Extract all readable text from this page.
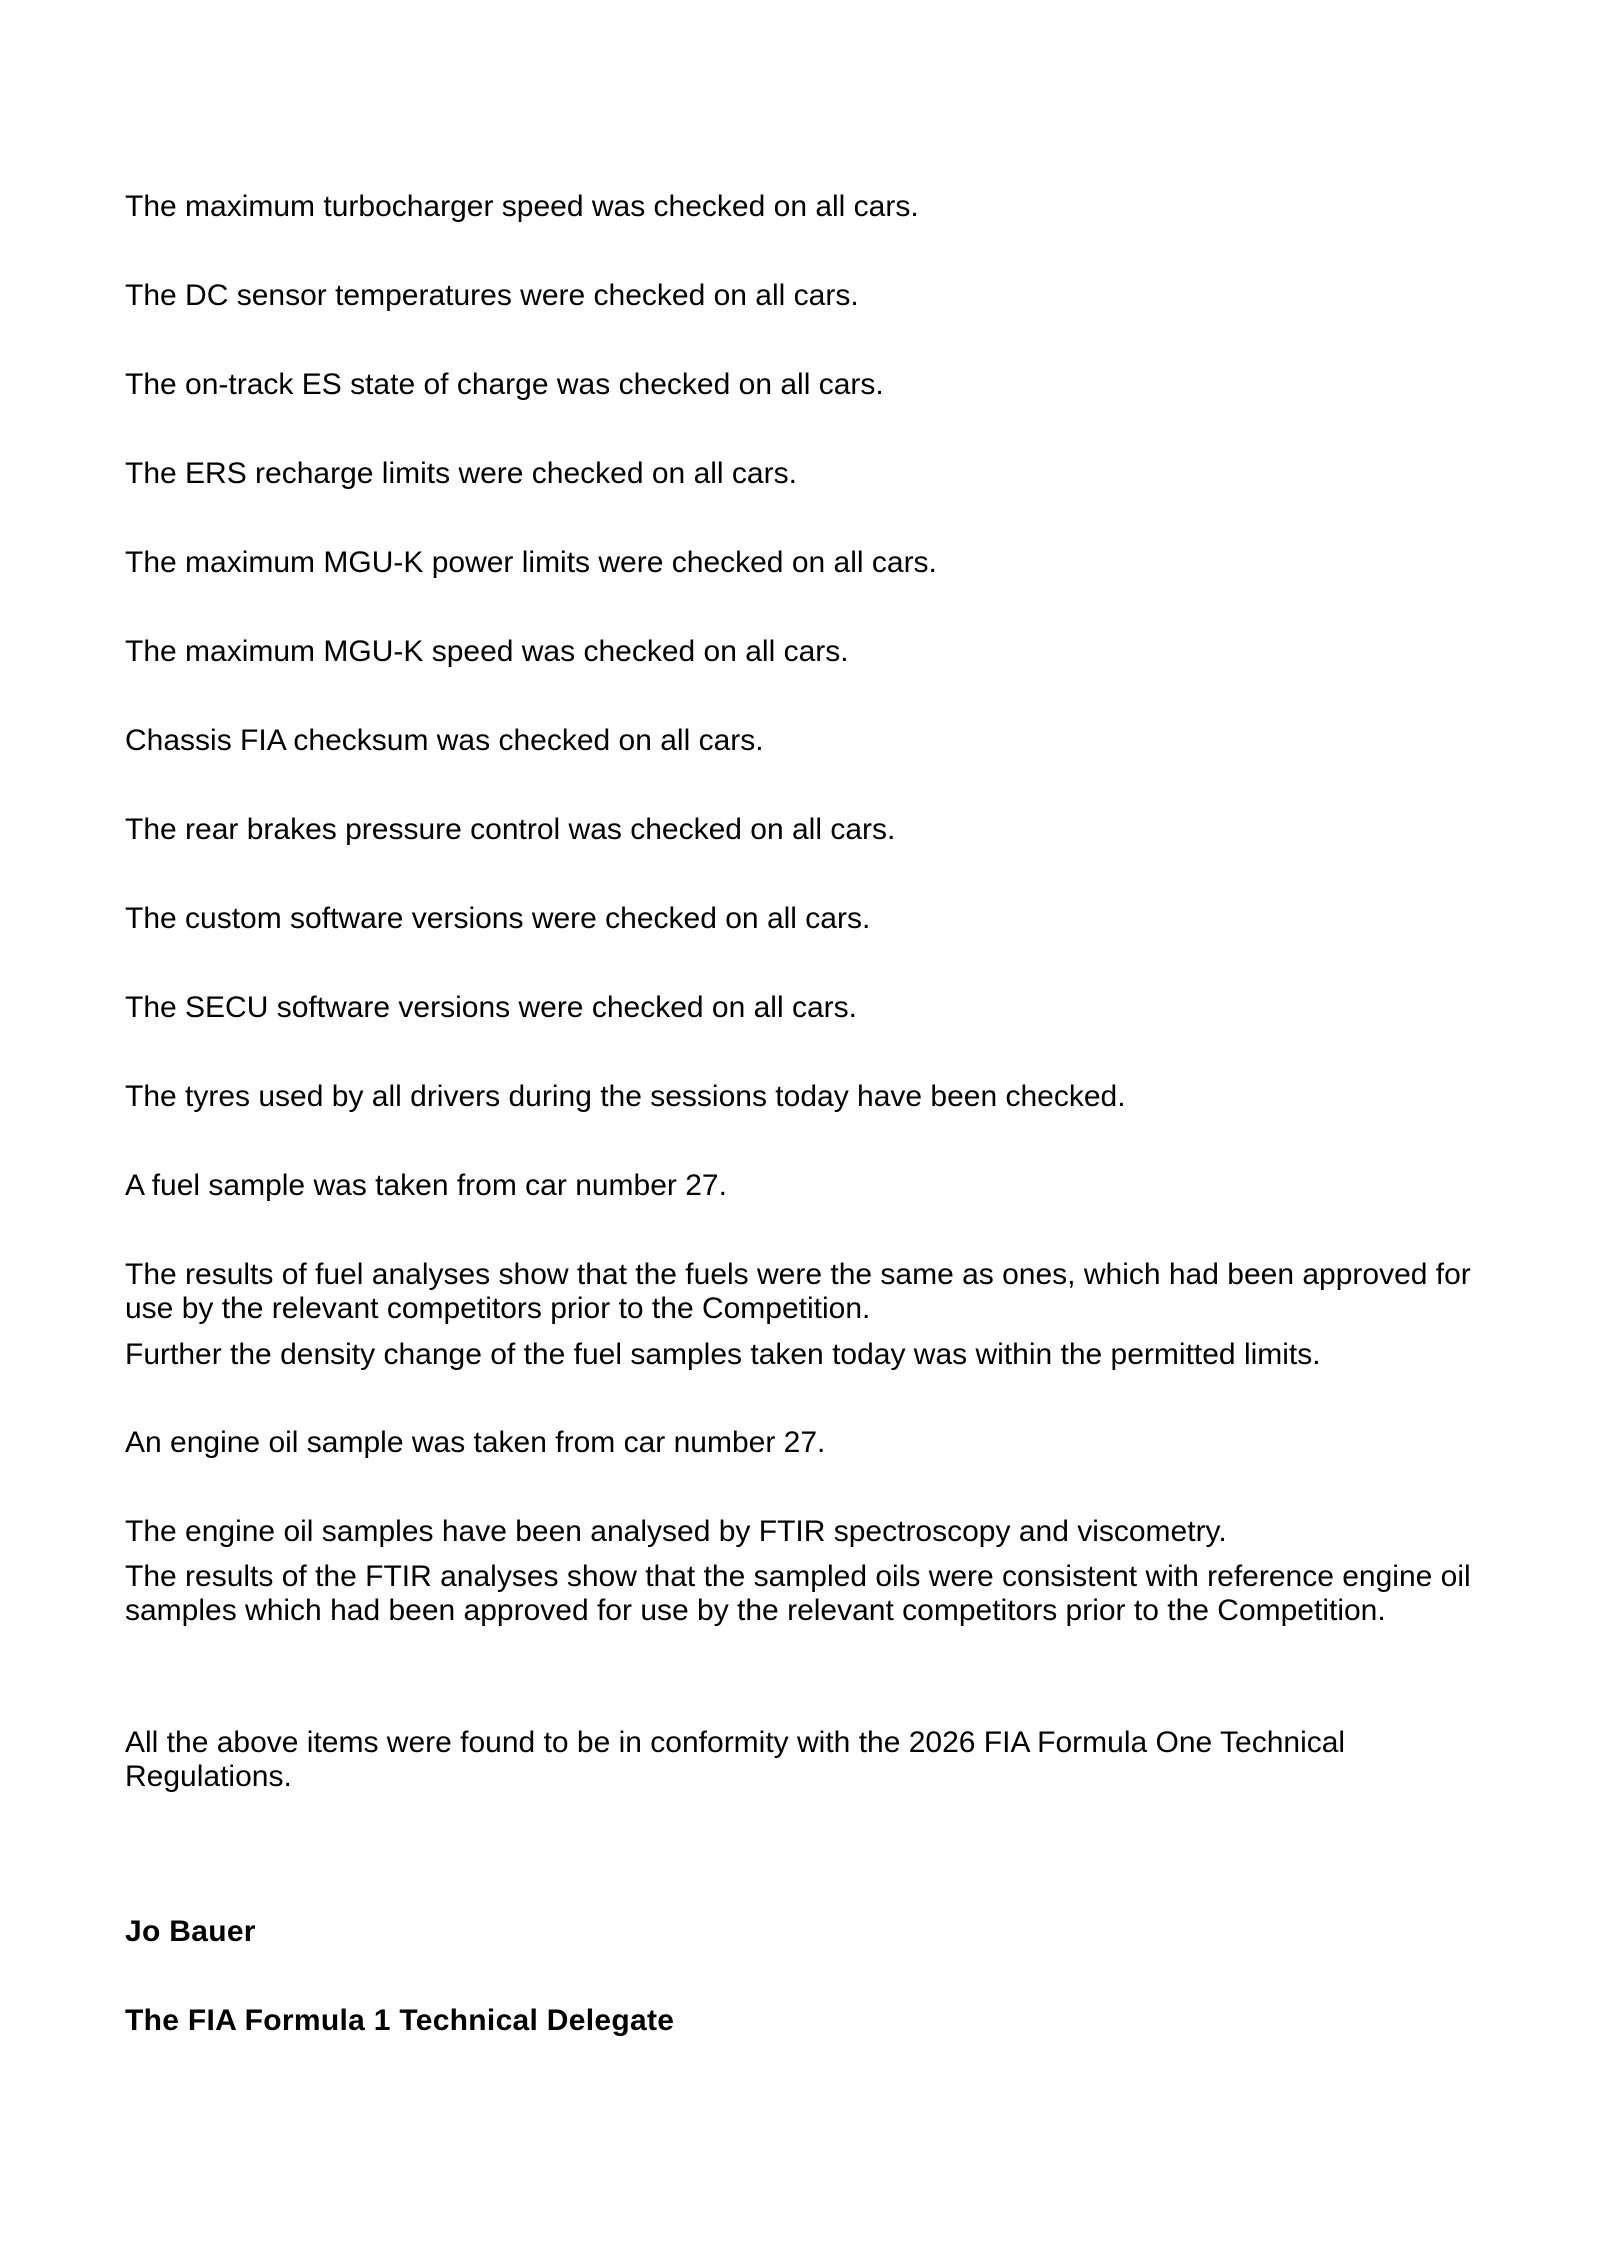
The maximum turbocharger speed was checked on all cars.

The DC sensor temperatures were checked on all cars.

The on-track ES state of charge was checked on all cars.

The ERS recharge limits were checked on all cars.

The maximum MGU-K power limits were checked on all cars.

The maximum MGU-K speed was checked on all cars.

Chassis FIA checksum was checked on all cars.

The rear brakes pressure control was checked on all cars.

The custom software versions were checked on all cars.

The SECU software versions were checked on all cars.

The tyres used by all drivers during the sessions today have been checked.

A fuel sample was taken from car number 27.

The results of fuel analyses show that the fuels were the same as ones, which had been approved for use by the relevant competitors prior to the Competition.

Further the density change of the fuel samples taken today was within the permitted limits.

An engine oil sample was taken from car number 27.

The engine oil samples have been analysed by FTIR spectroscopy and viscometry.

The results of the FTIR analyses show that the sampled oils were consistent with reference engine oil samples which had been approved for use by the relevant competitors prior to the Competition.

All the above items were found to be in conformity with the 2026 FIA Formula One Technical Regulations.

Jo Bauer

The FIA Formula 1 Technical Delegate
